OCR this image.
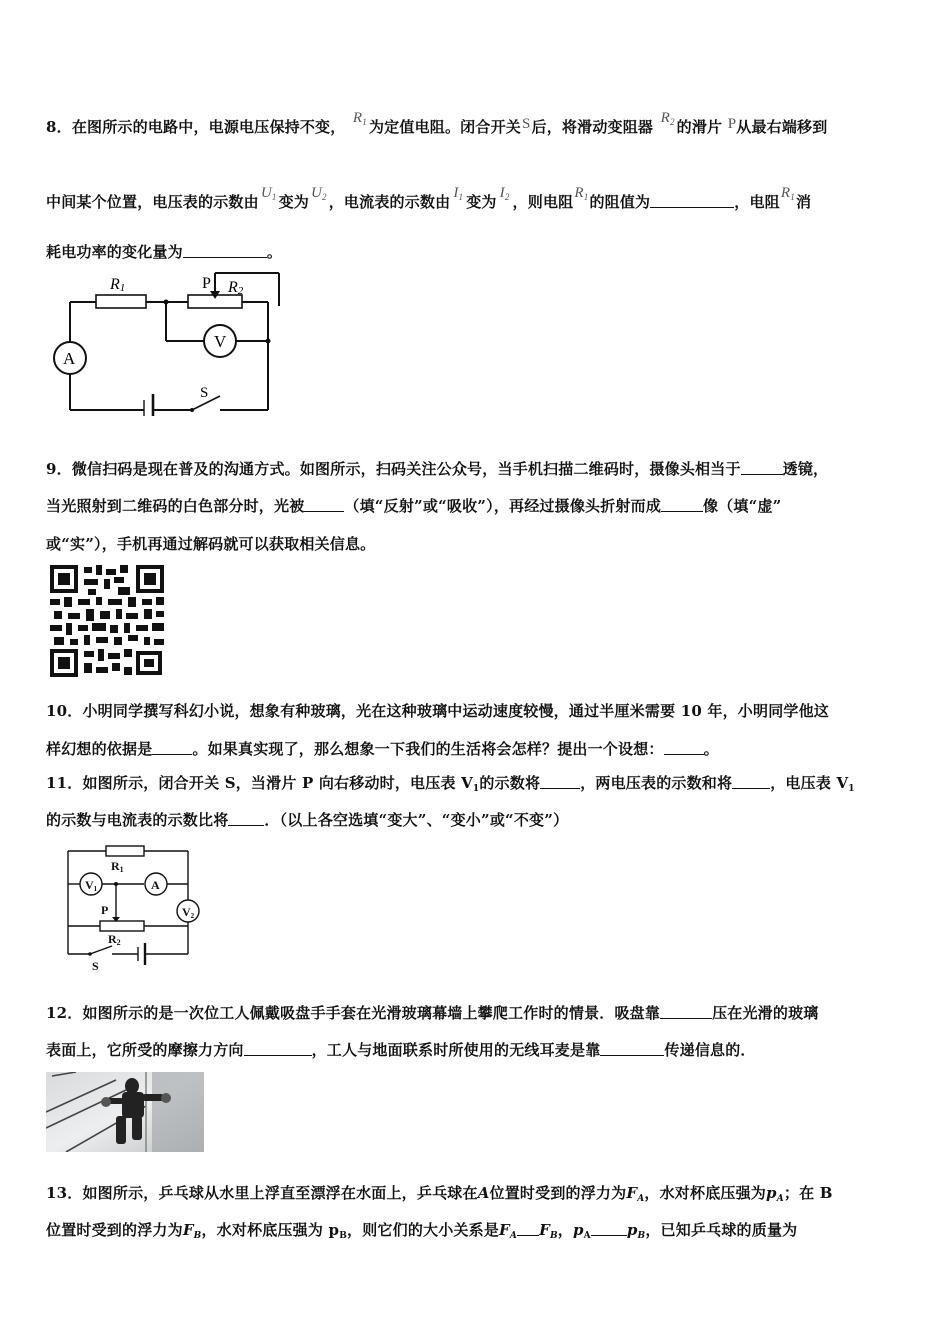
8．在图所示的电路中，电源电压保持不变， $R_1$ 为定值电阻。闭合开关S后，将滑动变阻器 $R_2$ 的滑片 P从最右端移到
中间某个位置，电压表的示数由 $U_1$ 变为 $U_2$ ，电流表的示数由 $I_1$ 变为 $I_2$ ，则电阻$R_1$的阻值为	，电阻$R_1$消
耗电功率的变化量为	。
R1	P R2
V
A
S
9．微信扫码是现在普及的沟通方式。如图所示，扫码关注公众号，当手机扫描二维码时，摄像头相当于	透镜，
当光照射到二维码的白色部分时，光被	（填“反射”或“吸收”），再经过摄像头折射而成	像（填“虚”
或“实”），手机再通过解码就可以获取相关信息。
10．小明同学撰写科幻小说，想象有种玻璃，光在这种玻璃中运动速度较慢，通过半厘米需要 10 年，小明同学他这
样幻想的依据是	。如果真实现了，那么想象一下我们的生活将会怎样？提出一个设想：	。
11．如图所示，闭合开关 S，当滑片 P 向右移动时，电压表 $V_1$的示数将	，两电压表的示数和将	，电压表 $V_1$
的示数与电流表的示数比将 ．（以上各空选填“变大”、“变小”或“不变”）
R1
V1	A
V2
P
R2
S
12．如图所示的是一次位工人佩戴吸盘手手套在光滑玻璃幕墙上攀爬工作时的情景．吸盘靠	压在光滑的玻璃
表面上，它所受的摩擦力方向	，工人与地面联系时所使用的无线耳麦是靠	传递信息的．
13．如图所示，乒乓球从水里上浮直至漂浮在水面上，乒乓球在A位置时受到的浮力为$F_A$，水对杯底压强为$p_A$；在 B
位置时受到的浮力为$F_B$，水对杯底压强为 $p_B$，则它们的大小关系是$F_A$ $F_B$，$p_A$ $p_B$，已知乒乓球的质量为
